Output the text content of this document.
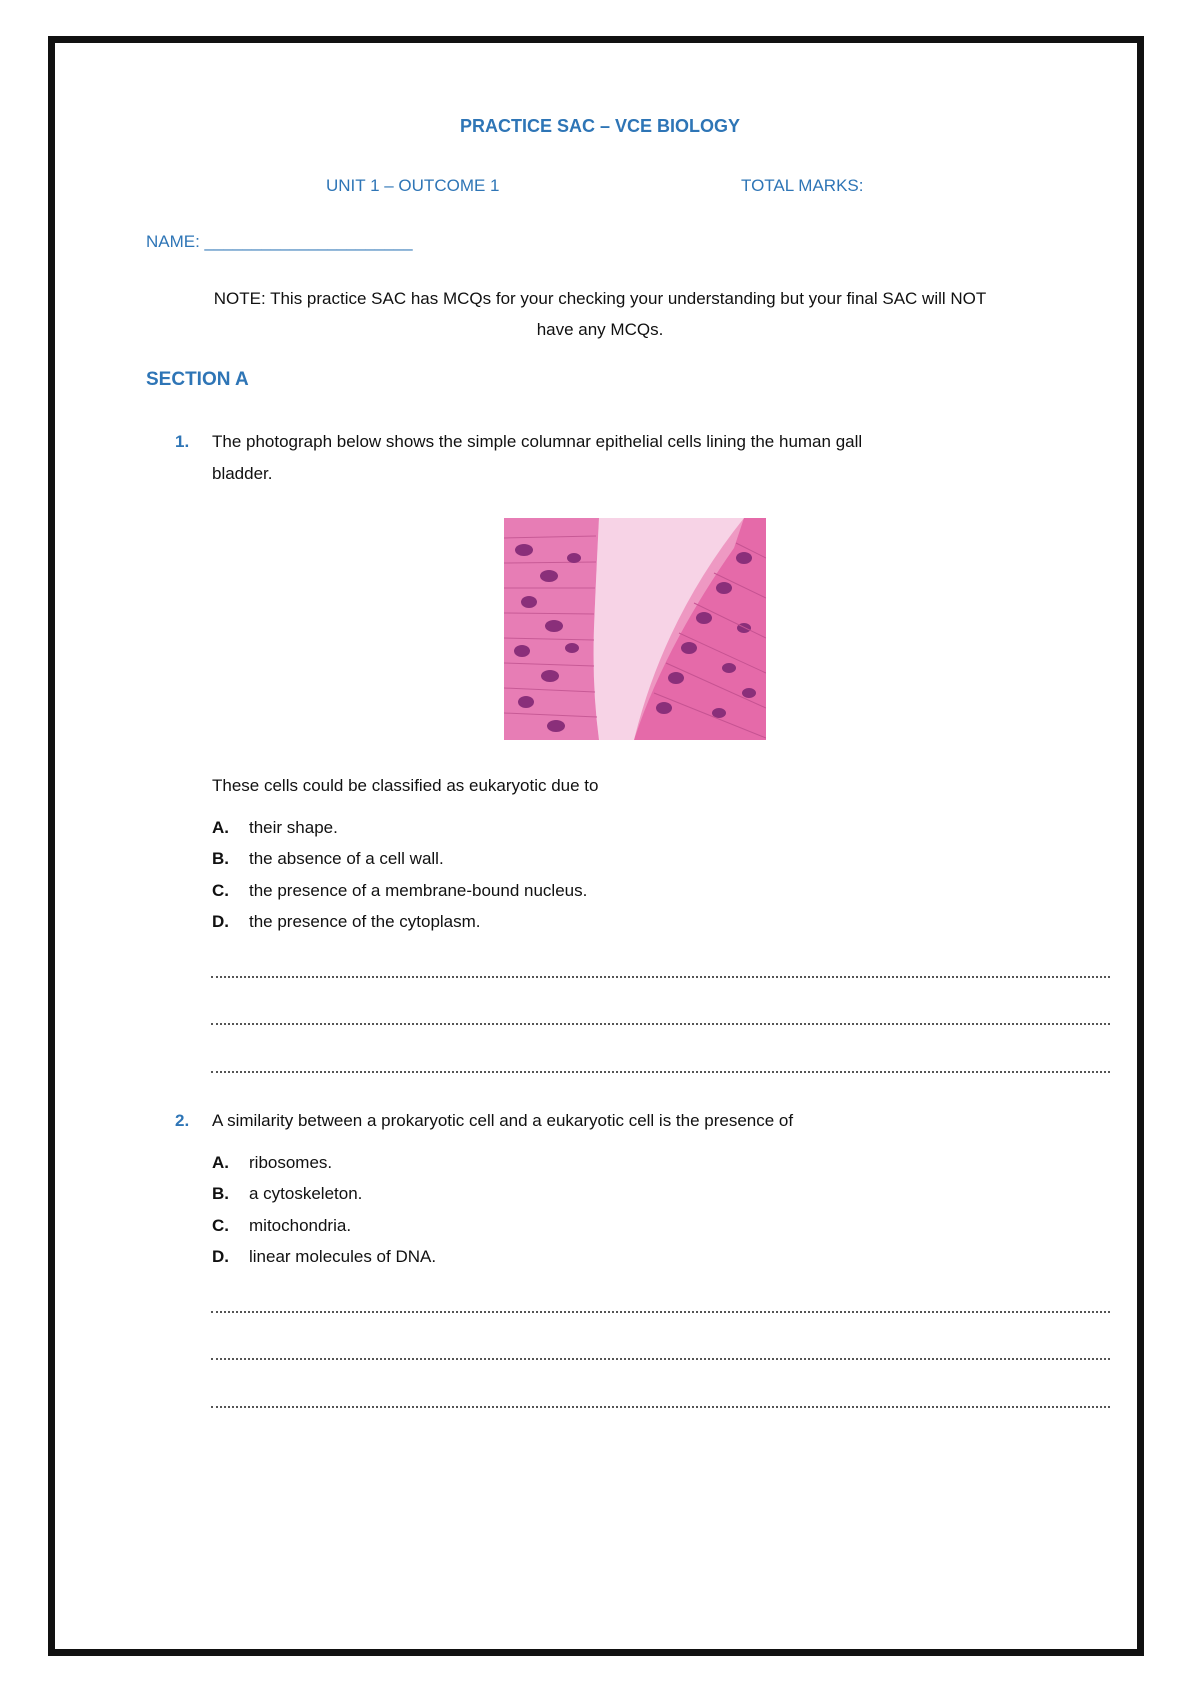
PRACTICE SAC – VCE BIOLOGY
UNIT 1 – OUTCOME 1	TOTAL MARKS:
NAME: ______________________
NOTE: This practice SAC has MCQs for your checking your understanding but your final SAC will NOT
have any MCQs.
SECTION A
1. The photograph below shows the simple columnar epithelial cells lining the human gall
bladder.
These cells could be classified as eukaryotic due to
A.	their shape.
B.	the absence of a cell wall.
C.	the presence of a membrane-bound nucleus.
D.	the presence of the cytoplasm.
2. A similarity between a prokaryotic cell and a eukaryotic cell is the presence of
A.	ribosomes.
B.	a cytoskeleton.
C.	mitochondria.
D.	linear molecules of DNA.
